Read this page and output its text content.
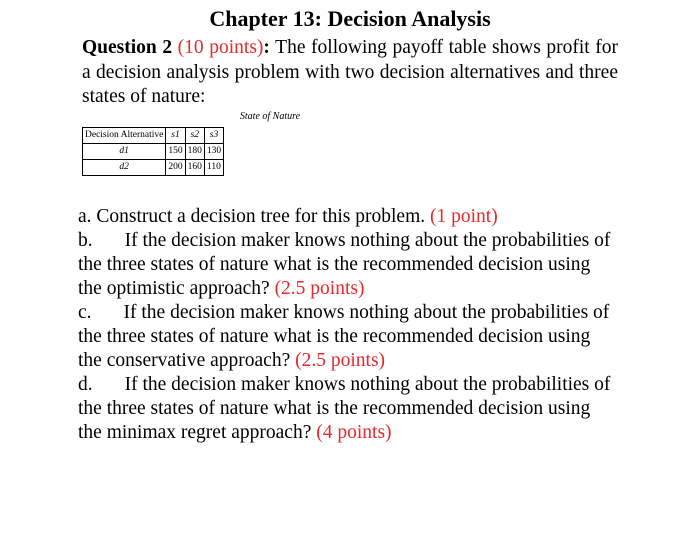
Chapter 13: Decision Analysis
Question 2 (10 points): The following payoff table shows profit for a decision analysis problem with two decision alternatives and three states of nature:
State of Nature
Decision Alternative	s1	s2	s3
d1	150	180	130
d2	200	160	110

a. Construct a decision tree for this problem. (1 point)

b. If the decision maker knows nothing about the probabilities of the three states of nature what is the recommended decision using the optimistic approach? (2.5 points)

c. If the decision maker knows nothing about the probabilities of the three states of nature what is the recommended decision using the conservative approach? (2.5 points)

d. If the decision maker knows nothing about the probabilities of the three states of nature what is the recommended decision using the minimax regret approach? (4 points)
